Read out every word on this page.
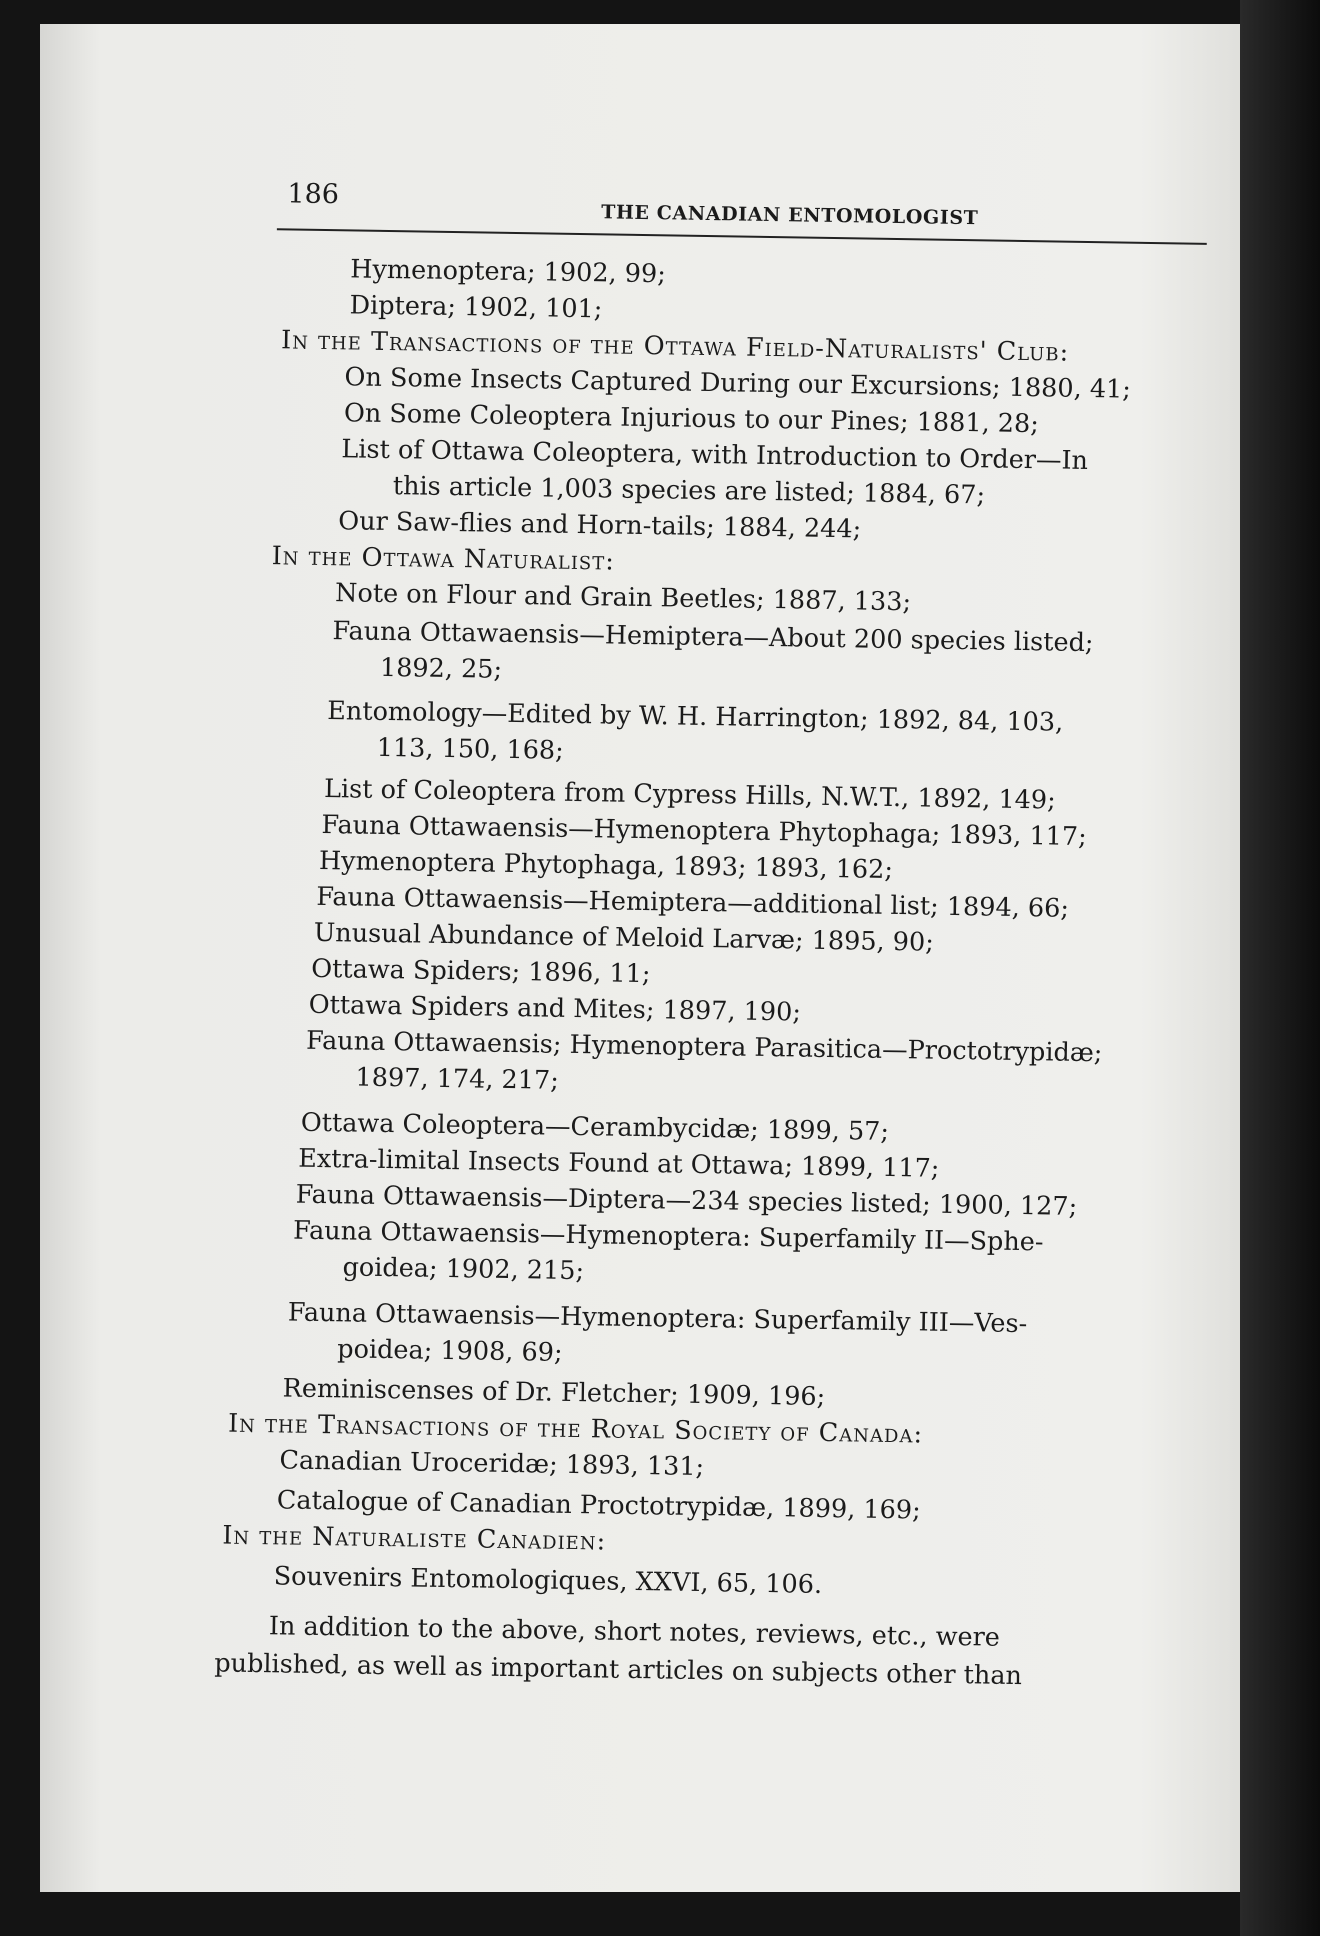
186
THE CANADIAN ENTOMOLOGIST
Hymenoptera; 1902, 99;
Diptera; 1902, 101;
In the Transactions of the Ottawa Field-Naturalists' Club:
On Some Insects Captured During our Excursions; 1880, 41;
On Some Coleoptera Injurious to our Pines; 1881, 28;
List of Ottawa Coleoptera, with Introduction to Order—In
this article 1,003 species are listed; 1884, 67;
Our Saw-flies and Horn-tails; 1884, 244;
In the Ottawa Naturalist:
Note on Flour and Grain Beetles; 1887, 133;
Fauna Ottawaensis—Hemiptera—About 200 species listed;
1892, 25;
Entomology—Edited by W. H. Harrington; 1892, 84, 103,
113, 150, 168;
List of Coleoptera from Cypress Hills, N.W.T., 1892, 149;
Fauna Ottawaensis—Hymenoptera Phytophaga; 1893, 117;
Hymenoptera Phytophaga, 1893; 1893, 162;
Fauna Ottawaensis—Hemiptera—additional list; 1894, 66;
Unusual Abundance of Meloid Larvæ; 1895, 90;
Ottawa Spiders; 1896, 11;
Ottawa Spiders and Mites; 1897, 190;
Fauna Ottawaensis; Hymenoptera Parasitica—Proctotrypidæ;
1897, 174, 217;
Ottawa Coleoptera—Cerambycidæ; 1899, 57;
Extra-limital Insects Found at Ottawa; 1899, 117;
Fauna Ottawaensis—Diptera—234 species listed; 1900, 127;
Fauna Ottawaensis—Hymenoptera: Superfamily II—Sphe-
goidea; 1902, 215;
Fauna Ottawaensis—Hymenoptera: Superfamily III—Ves-
poidea; 1908, 69;
Reminiscenses of Dr. Fletcher; 1909, 196;
In the Transactions of the Royal Society of Canada:
Canadian Uroceridæ; 1893, 131;
Catalogue of Canadian Proctotrypidæ, 1899, 169;
In the Naturaliste Canadien:
Souvenirs Entomologiques, XXVI, 65, 106.
In addition to the above, short notes, reviews, etc., were
published, as well as important articles on subjects other than
